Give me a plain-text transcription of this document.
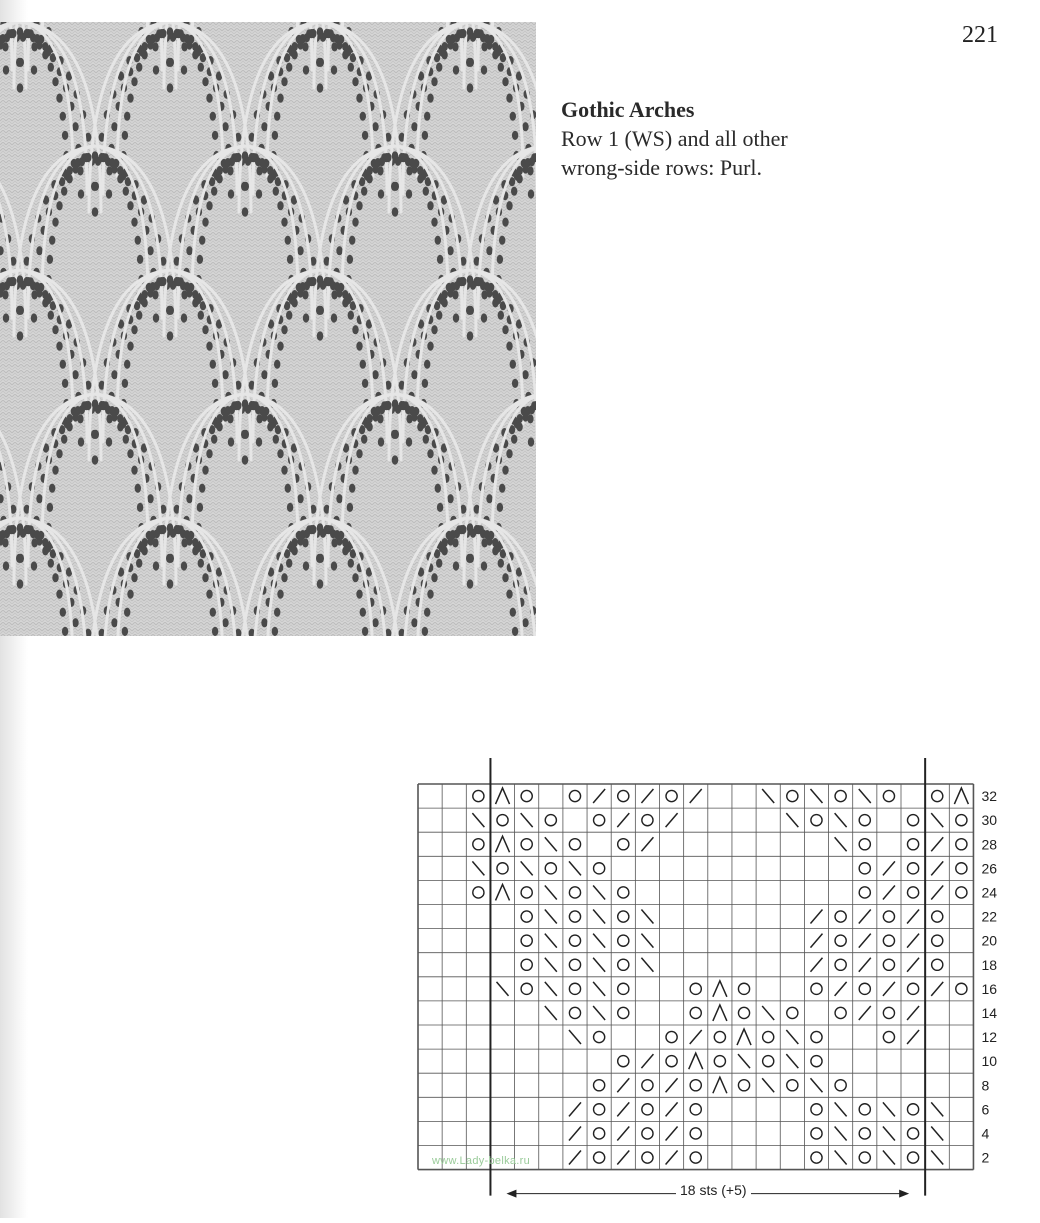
221
Gothic Arches
Row 1 (WS) and all other
wrong-side rows: Purl.
32
30
28
26
24
22
20
18
16
14
12
10
8
6
4
2
18 sts (+5)
www.Lady-belka.ru
